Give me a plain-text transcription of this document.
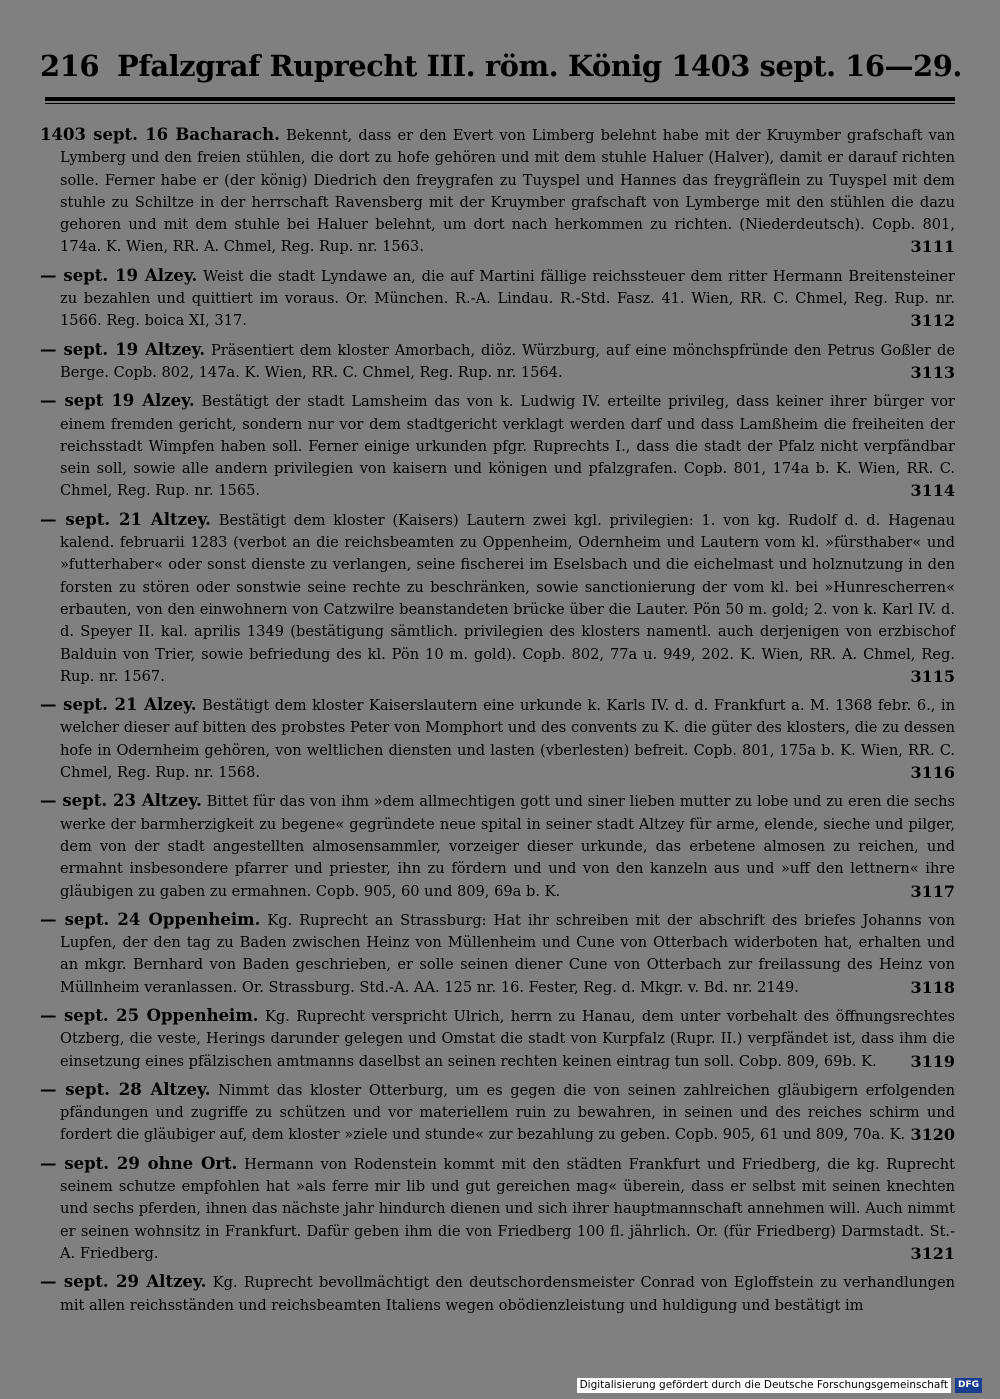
216 Pfalzgraf Ruprecht III. röm. König 1403 sept. 16—29.

1403 sept. 16 Bacharach. Bekennt, dass er den Evert von Limberg belehnt habe mit der Kruymber grafschaft van Lymberg und den freien stühlen, die dort zu hofe gehören und mit dem stuhle Haluer (Halver), damit er darauf richten solle. Ferner habe er (der könig) Diedrich den freygrafen zu Tuyspel und Hannes das freygräflein zu Tuyspel mit dem stuhle zu Schiltze in der herrschaft Ravensberg mit der Kruymber grafschaft von Lymberge mit den stühlen die dazu gehoren und mit dem stuhle bei Haluer belehnt, um dort nach herkommen zu richten. (Niederdeutsch). Copb. 801, 174a. K. Wien, RR. A. Chmel, Reg. Rup. nr. 1563.	3111

— sept. 19 Alzey. Weist die stadt Lyndawe an, die auf Martini fällige reichssteuer dem ritter Hermann Breitensteiner zu bezahlen und quittiert im voraus. Or. München. R.-A. Lindau. R.-Std. Fasz. 41. Wien, RR. C. Chmel, Reg. Rup. nr. 1566. Reg. boica XI, 317.	3112

— sept. 19 Altzey. Präsentiert dem kloster Amorbach, diöz. Würzburg, auf eine mönchspfründe den Petrus Goßler de Berge. Copb. 802, 147a. K. Wien, RR. C. Chmel, Reg. Rup. nr. 1564.	3113

— sept 19 Alzey. Bestätigt der stadt Lamsheim das von k. Ludwig IV. erteilte privileg, dass keiner ihrer bürger vor einem fremden gericht, sondern nur vor dem stadtgericht verklagt werden darf und dass Lamßheim die freiheiten der reichsstadt Wimpfen haben soll. Ferner einige urkunden pfgr. Ruprechts I., dass die stadt der Pfalz nicht verpfändbar sein soll, sowie alle andern privilegien von kaisern und königen und pfalzgrafen. Copb. 801, 174a b. K. Wien, RR. C. Chmel, Reg. Rup. nr. 1565.	3114

— sept. 21 Altzey. Bestätigt dem kloster (Kaisers) Lautern zwei kgl. privilegien: 1. von kg. Rudolf d. d. Hagenau kalend. februarii 1283 (verbot an die reichsbeamten zu Oppenheim, Odernheim und Lautern vom kl. »fürsthaber« und »futterhaber« oder sonst dienste zu verlangen, seine fischerei im Eselsbach und die eichelmast und holznutzung in den forsten zu stören oder sonstwie seine rechte zu beschränken, sowie sanctionierung der vom kl. bei »Hunrescherren« erbauten, von den einwohnern von Catzwilre beanstandeten brücke über die Lauter. Pön 50 m. gold; 2. von k. Karl IV. d. d. Speyer II. kal. aprilis 1349 (bestätigung sämtlich. privilegien des klosters namentl. auch derjenigen von erzbischof Balduin von Trier, sowie befriedung des kl. Pön 10 m. gold). Copb. 802, 77a u. 949, 202. K. Wien, RR. A. Chmel, Reg. Rup. nr. 1567.	3115

— sept. 21 Alzey. Bestätigt dem kloster Kaiserslautern eine urkunde k. Karls IV. d. d. Frankfurt a. M. 1368 febr. 6., in welcher dieser auf bitten des probstes Peter von Momphort und des convents zu K. die güter des klosters, die zu dessen hofe in Odernheim gehören, von weltlichen diensten und lasten (vberlesten) befreit. Copb. 801, 175a b. K. Wien, RR. C. Chmel, Reg. Rup. nr. 1568.	3116

— sept. 23 Altzey. Bittet für das von ihm »dem allmechtigen gott und siner lieben mutter zu lobe und zu eren die sechs werke der barmherzigkeit zu begene« gegründete neue spital in seiner stadt Altzey für arme, elende, sieche und pilger, dem von der stadt angestellten almosensammler, vorzeiger dieser urkunde, das erbetene almosen zu reichen, und ermahnt insbesondere pfarrer und priester, ihn zu fördern und und von den kanzeln aus und »uff den lettnern« ihre gläubigen zu gaben zu ermahnen. Copb. 905, 60 und 809, 69a b. K.	3117

— sept. 24 Oppenheim. Kg. Ruprecht an Strassburg: Hat ihr schreiben mit der abschrift des briefes Johanns von Lupfen, der den tag zu Baden zwischen Heinz von Müllenheim und Cune von Otterbach widerboten hat, erhalten und an mkgr. Bernhard von Baden geschrieben, er solle seinen diener Cune von Otterbach zur freilassung des Heinz von Müllnheim veranlassen. Or. Strassburg. Std.-A. AA. 125 nr. 16. Fester, Reg. d. Mkgr. v. Bd. nr. 2149.	3118

— sept. 25 Oppenheim. Kg. Ruprecht verspricht Ulrich, herrn zu Hanau, dem unter vorbehalt des öffnungsrechtes Otzberg, die veste, Herings darunder gelegen und Omstat die stadt von Kurpfalz (Rupr. II.) verpfändet ist, dass ihm die einsetzung eines pfälzischen amtmanns daselbst an seinen rechten keinen eintrag tun soll. Cobp. 809, 69b. K. 3119

— sept. 28 Altzey. Nimmt das kloster Otterburg, um es gegen die von seinen zahlreichen gläubigern erfolgenden pfändungen und zugriffe zu schützen und vor materiellem ruin zu bewahren, in seinen und des reiches schirm und fordert die gläubiger auf, dem kloster »ziele und stunde« zur bezahlung zu geben. Copb. 905, 61 und 809, 70a. K. 3120

— sept. 29 ohne Ort. Hermann von Rodenstein kommt mit den städten Frankfurt und Friedberg, die kg. Ruprecht seinem schutze empfohlen hat »als ferre mir lib und gut gereichen mag« überein, dass er selbst mit seinen knechten und sechs pferden, ihnen das nächste jahr hindurch dienen und sich ihrer hauptmannschaft annehmen will. Auch nimmt er seinen wohnsitz in Frankfurt. Dafür geben ihm die von Friedberg 100 fl. jährlich. Or. (für Friedberg) Darmstadt. St.-A. Friedberg.	3121

— sept. 29 Altzey. Kg. Ruprecht bevollmächtigt den deutschordensmeister Conrad von Egloffstein zu verhandlungen mit allen reichsständen und reichsbeamten Italiens wegen obödienzleistung und huldigung und bestätigt im

Digitalisierung gefördert durch die Deutsche Forschungsgemeinschaft	DFG
